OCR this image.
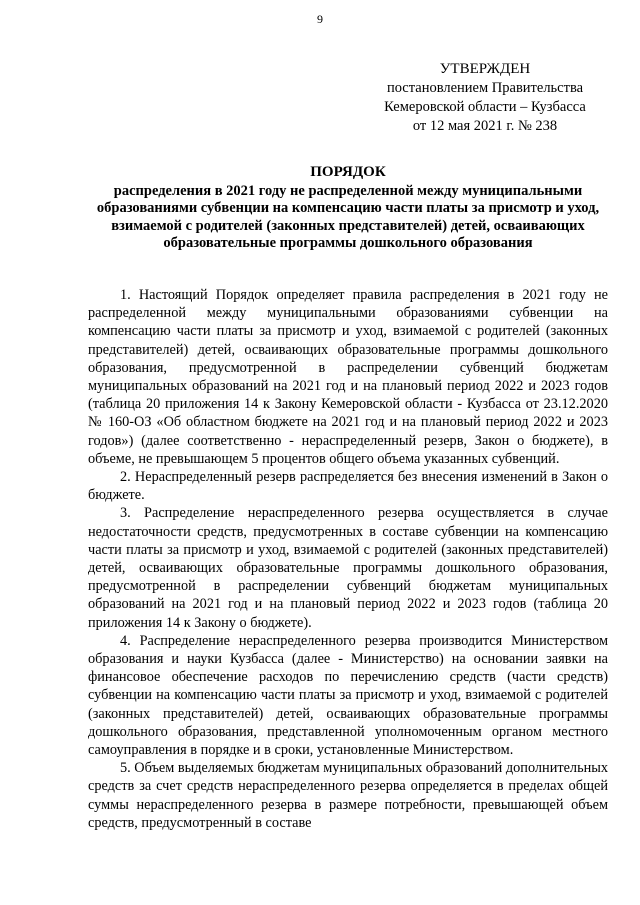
9
УТВЕРЖДЕН
постановлением Правительства
Кемеровской области – Кузбасса
от 12 мая 2021 г. № 238
ПОРЯДОК
распределения в 2021 году не распределенной между муниципальными образованиями субвенции на компенсацию части платы за присмотр и уход, взимаемой с родителей (законных представителей) детей, осваивающих образовательные программы дошкольного образования

1. Настоящий Порядок определяет правила распределения в 2021 году не распределенной между муниципальными образованиями субвенции на компенсацию части платы за присмотр и уход, взимаемой с родителей (законных представителей) детей, осваивающих образовательные программы дошкольного образования, предусмотренной в распределении субвенций бюджетам муниципальных образований на 2021 год и на плановый период 2022 и 2023 годов (таблица 20 приложения 14 к Закону Кемеровской области - Кузбасса от 23.12.2020 № 160-ОЗ «Об областном бюджете на 2021 год и на плановый период 2022 и 2023 годов») (далее соответственно - нераспределенный резерв, Закон о бюджете), в объеме, не превышающем 5 процентов общего объема указанных субвенций.

2. Нераспределенный резерв распределяется без внесения изменений в Закон о бюджете.

3. Распределение нераспределенного резерва осуществляется в случае недостаточности средств, предусмотренных в составе субвенции на компенсацию части платы за присмотр и уход, взимаемой с родителей (законных представителей) детей, осваивающих образовательные программы дошкольного образования, предусмотренной в распределении субвенций бюджетам муниципальных образований на 2021 год и на плановый период 2022 и 2023 годов (таблица 20 приложения 14 к Закону о бюджете).

4. Распределение нераспределенного резерва производится Министерством образования и науки Кузбасса (далее - Министерство) на основании заявки на финансовое обеспечение расходов по перечислению средств (части средств) субвенции на компенсацию части платы за присмотр и уход, взимаемой с родителей (законных представителей) детей, осваивающих образовательные программы дошкольного образования, представленной уполномоченным органом местного самоуправления в порядке и в сроки, установленные Министерством.

5. Объем выделяемых бюджетам муниципальных образований дополнительных средств за счет средств нераспределенного резерва определяется в пределах общей суммы нераспределенного резерва в размере потребности, превышающей объем средств, предусмотренный в составе
